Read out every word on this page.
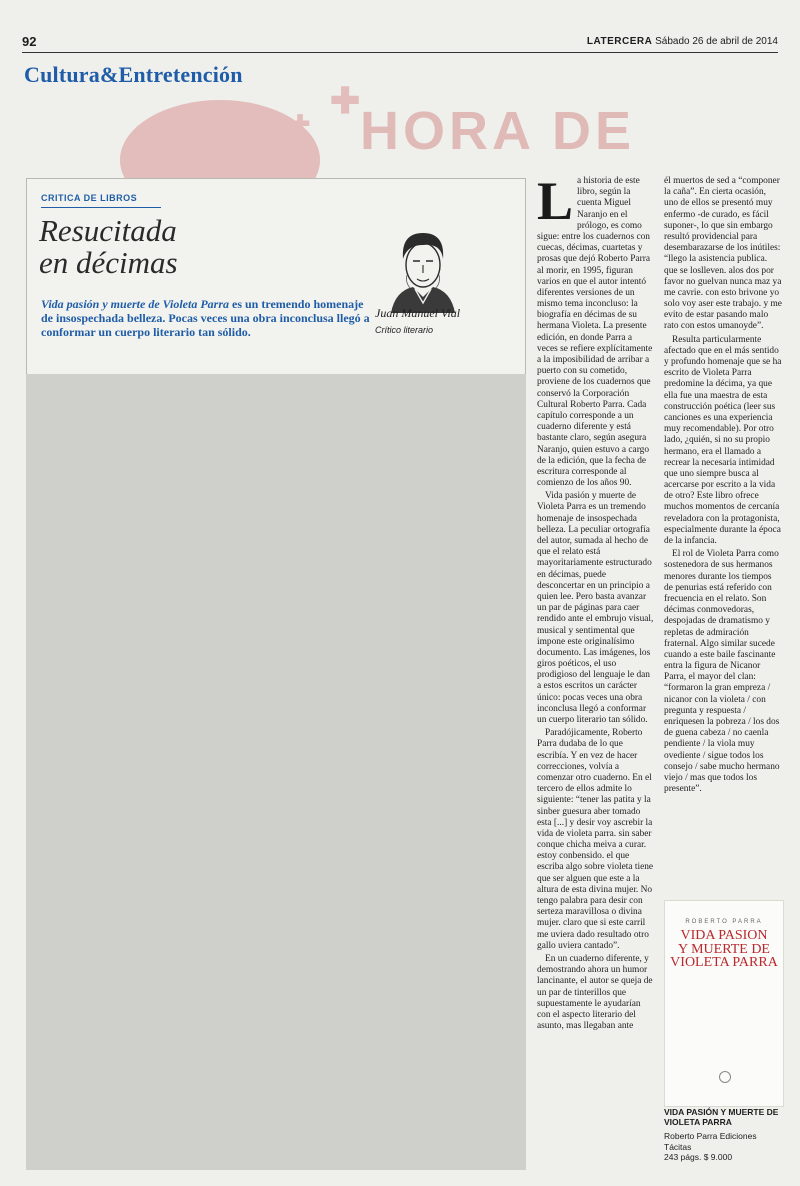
92	LATERCERA Sábado 26 de abril de 2014
✚
✚ HORA DE
Cultura&Entretención
CRITICA DE LIBROS
Resucitada
en décimas
Vida pasión y muerte de Violeta Parra es un tremendo homenaje de insospechada belleza. Pocas veces una obra inconclusa llegó a conformar un cuerpo literario tan sólido.
Juan Manuel Vial
Crítico literario
L a historia de este libro, según la cuenta Miguel Naranjo en el prólogo, es como sigue: entre los cuadernos con cuecas, décimas, cuartetas y prosas que dejó Roberto Parra al morir, en 1995, figuran varios en que el autor intentó diferentes versiones de un mismo tema inconcluso: la biografía en décimas de su hermana Violeta. La presente edición, en donde Parra a veces se refiere explícitamente a la imposibilidad de arribar a puerto con su cometido, proviene de los cuadernos que conservó la Corporación Cultural Roberto Parra. Cada capítulo corresponde a un cuaderno diferente y está bastante claro, según asegura Naranjo, quien estuvo a cargo de la edición, que la fecha de escritura corresponde al comienzo de los años 90.

Vida pasión y muerte de Violeta Parra es un tremendo homenaje de insospechada belleza. La peculiar ortografía del autor, sumada al hecho de que el relato está mayoritariamente estructurado en décimas, puede desconcertar en un principio a quien lee. Pero basta avanzar un par de páginas para caer rendido ante el embrujo visual, musical y sentimental que impone este originalísimo documento. Las imágenes, los giros poéticos, el uso prodigioso del lenguaje le dan a estos escritos un carácter único: pocas veces una obra inconclusa llegó a conformar un cuerpo literario tan sólido.

Paradójicamente, Roberto Parra dudaba de lo que escribía. Y en vez de hacer correcciones, volvía a comenzar otro cuaderno. En el tercero de ellos admite lo siguiente: “tener las patita y la sinber guesura aber tomado esta [...] y desir voy ascrebir la vida de violeta parra. sin saber conque chicha meiva a curar. estoy conbensido. el que escriba algo sobre violeta tiene que ser alguen que este a la altura de esta divina mujer. No tengo palabra para desir con serteza maravillosa o divina mujer. claro que si este carril me uviera dado resultado otro gallo uviera cantado”.

En un cuaderno diferente, y demostrando ahora un humor lancinante, el autor se queja de un par de tinterillos que supuestamente le ayudarían con el aspecto literario del asunto, mas llegaban ante

él muertos de sed a “componer la caña”. En cierta ocasión, uno de ellos se presentó muy enfermo -de curado, es fácil suponer-, lo que sin embargo resultó providencial para desembarazarse de los inútiles: “llego la asistencia publica. que se loslleven. alos dos por favor no guelvan nunca maz ya me cavrie. con esto brivone yo solo voy aser este trabajo. y me evito de estar pasando malo rato con estos umanoyde”.

Resulta particularmente afectado que en el más sentido y profundo homenaje que se ha escrito de Violeta Parra predomine la décima, ya que ella fue una maestra de esta construcción poética (leer sus canciones es una experiencia muy recomendable). Por otro lado, ¿quién, si no su propio hermano, era el llamado a recrear la necesaria intimidad que uno siempre busca al acercarse por escrito a la vida de otro? Este libro ofrece muchos momentos de cercanía reveladora con la protagonista, especialmente durante la época de la infancia.

El rol de Violeta Parra como sostenedora de sus hermanos menores durante los tiempos de penurias está referido con frecuencia en el relato. Son décimas conmovedoras, despojadas de dramatismo y repletas de admiración fraternal. Algo similar sucede cuando a este baile fascinante entra la figura de Nicanor Parra, el mayor del clan: “formaron la gran empreza / nicanor con la violeta / con pregunta y respuesta / enriquesen la pobreza / los dos de guena cabeza / no caenla pendiente / la viola muy ovediente / sigue todos los consejo / sabe mucho hermano viejo / mas que todos los presente”.

ROBERTO PARRA
VIDA PASION
Y MUERTE DE
VIOLETA PARRA
VIDA PASIÓN Y MUERTE DE VIOLETA PARRA
Roberto Parra Ediciones Tácitas
243 págs. $ 9.000
